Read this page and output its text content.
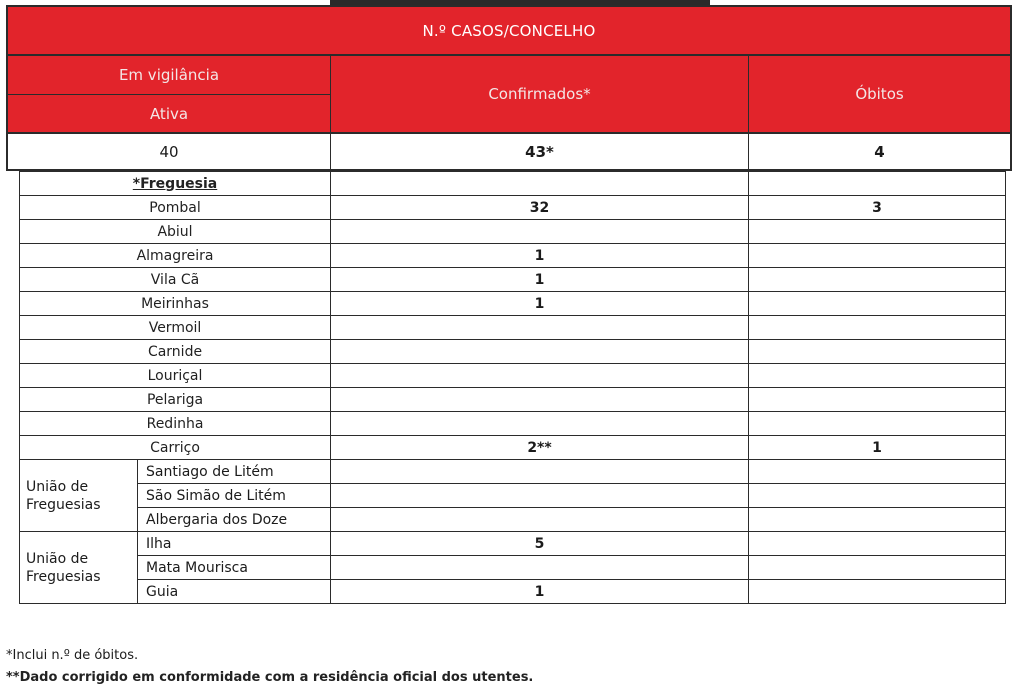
N.º CASOS/CONCELHO
Em vigilância
Ativa
Confirmados*	Óbitos
40	43*	4
*Freguesia			
Pombal		32	3
Abiul			
Almagreira		1	
Vila Cã		1	
Meirinhas		1	
Vermoil			
Carnide			
Louriçal			
Pelariga			
Redinha			
Carriço		2**	1
União de Freguesias	Santiago de Litém		
	São Simão de Litém		
	Albergaria dos Doze		
União de Freguesias	Ilha	5	
	Mata Mourisca		
	Guia	1	
*Inclui n.º de óbitos.
**Dado corrigido em conformidade com a residência oficial dos utentes.
